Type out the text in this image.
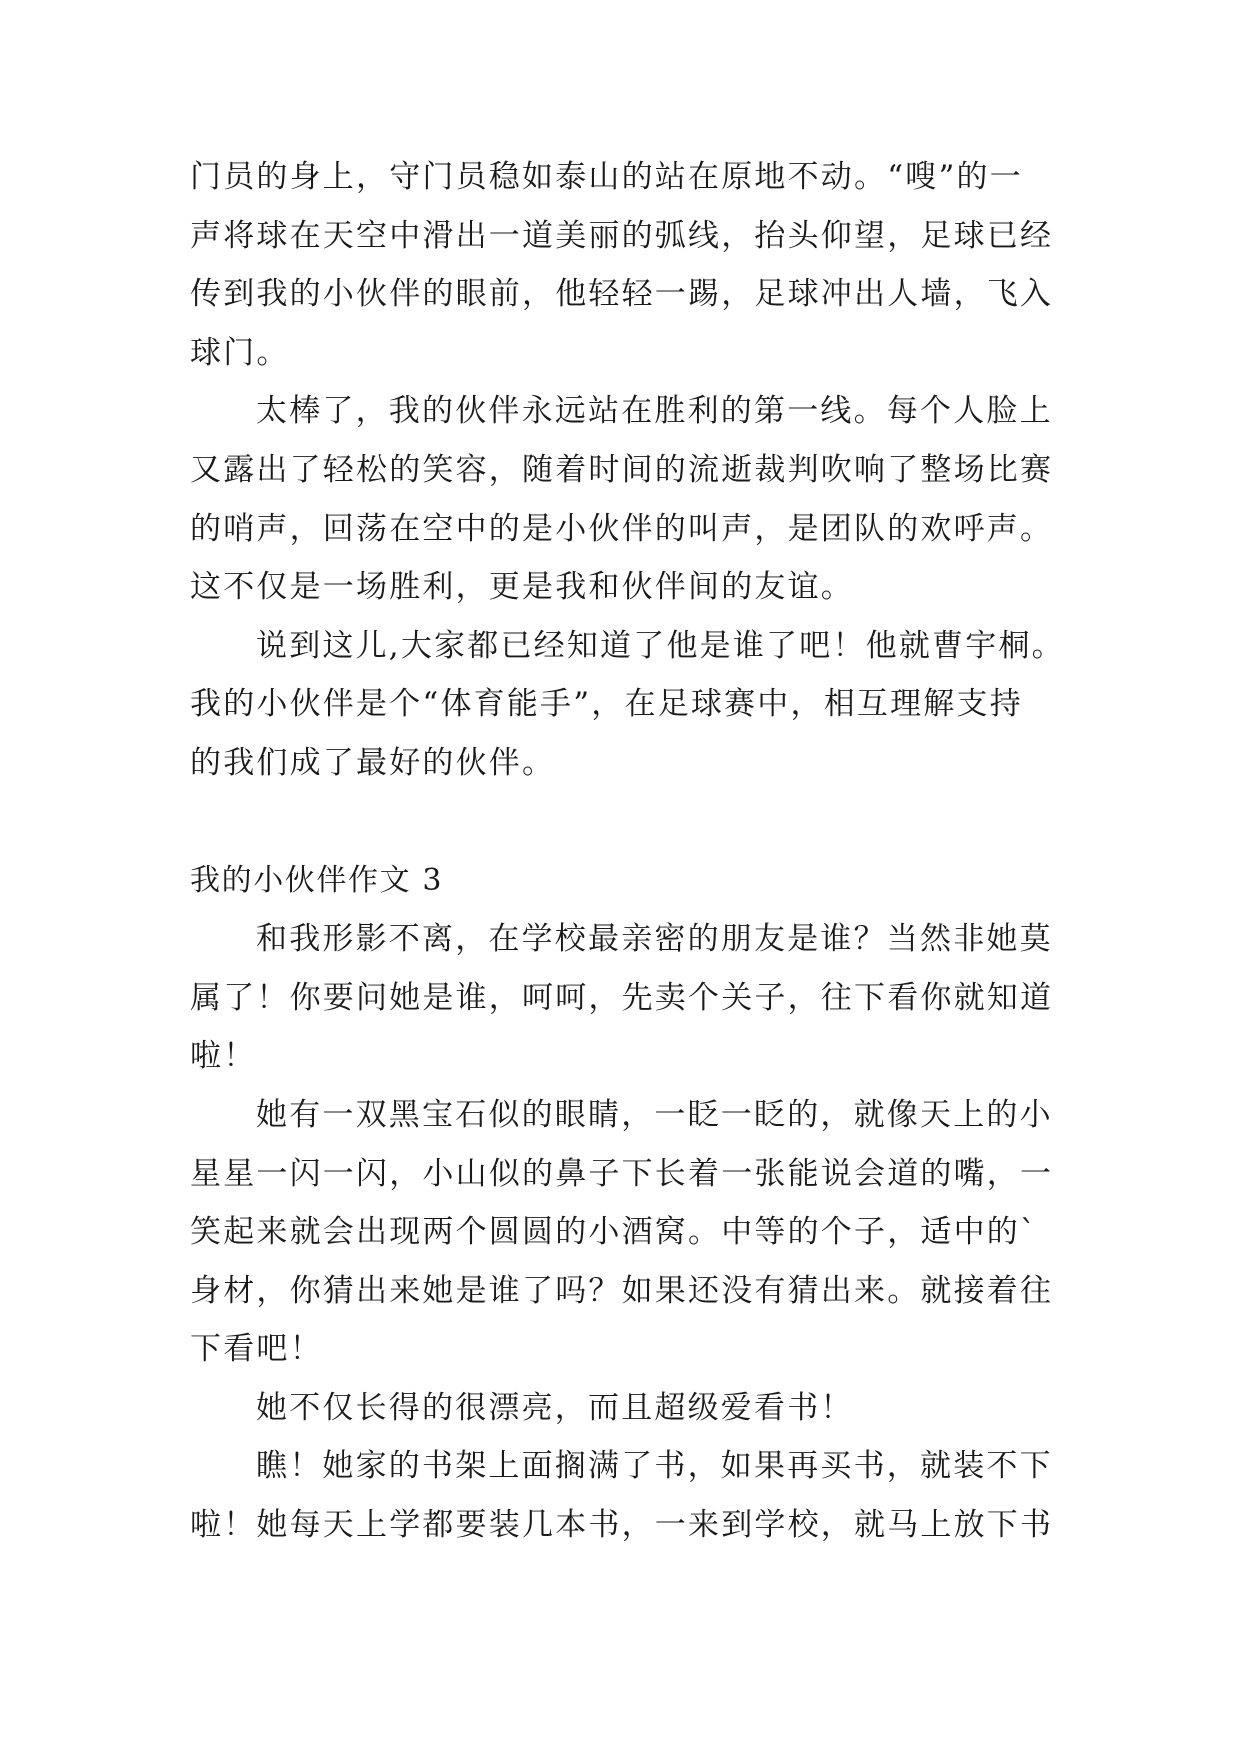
门员的身上，守门员稳如泰山的站在原地不动。“嗖”的一
声将球在天空中滑出一道美丽的弧线，抬头仰望，足球已经
传到我的小伙伴的眼前，他轻轻一踢，足球冲出人墙，飞入
球门。
太棒了，我的伙伴永远站在胜利的第一线。每个人脸上
又露出了轻松的笑容，随着时间的流逝裁判吹响了整场比赛
的哨声，回荡在空中的是小伙伴的叫声，是团队的欢呼声。
这不仅是一场胜利，更是我和伙伴间的友谊。
说到这儿,大家都已经知道了他是谁了吧！他就曹宇桐。
我的小伙伴是个“体育能手”，在足球赛中，相互理解支持
的我们成了最好的伙伴。
我的小伙伴作文 3
和我形影不离，在学校最亲密的朋友是谁？当然非她莫
属了！你要问她是谁，呵呵，先卖个关子，往下看你就知道
啦！
她有一双黑宝石似的眼睛，一眨一眨的，就像天上的小
星星一闪一闪，小山似的鼻子下长着一张能说会道的嘴，一
笑起来就会出现两个圆圆的小酒窝。中等的个子，适中的`
身材，你猜出来她是谁了吗？如果还没有猜出来。就接着往
下看吧！
她不仅长得的很漂亮，而且超级爱看书！
瞧！她家的书架上面搁满了书，如果再买书，就装不下
啦！她每天上学都要装几本书，一来到学校，就马上放下书
